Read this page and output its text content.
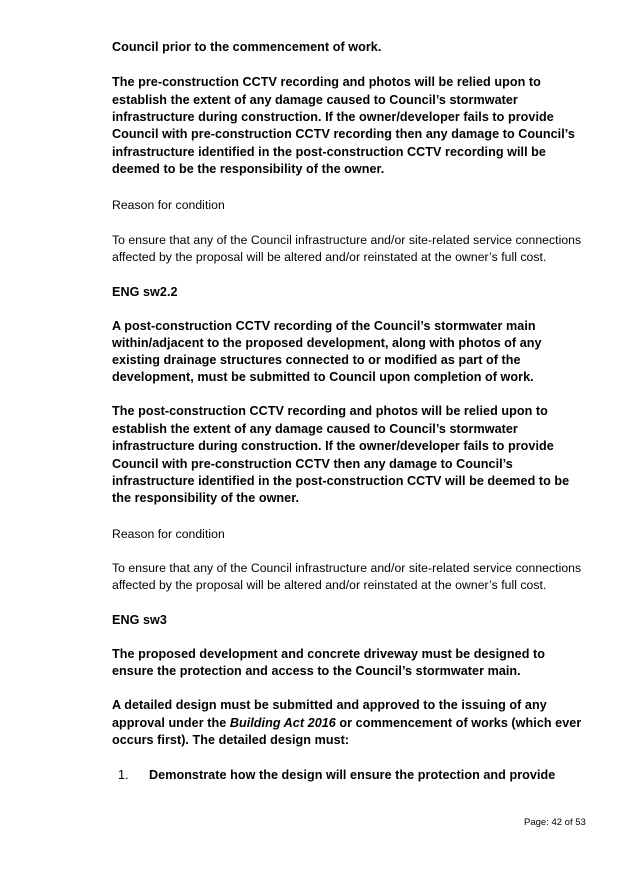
Council prior to the commencement of work.
The pre-construction CCTV recording and photos will be relied upon to
establish the extent of any damage caused to Council’s stormwater
infrastructure during construction. If the owner/developer fails to provide
Council with pre-construction CCTV recording then any damage to Council’s
infrastructure identified in the post-construction CCTV recording will be
deemed to be the responsibility of the owner.
Reason for condition
To ensure that any of the Council infrastructure and/or site-related service connections
affected by the proposal will be altered and/or reinstated at the owner’s full cost.
ENG sw2.2
A post-construction CCTV recording of the Council’s stormwater main
within/adjacent to the proposed development, along with photos of any
existing drainage structures connected to or modified as part of the
development, must be submitted to Council upon completion of work.
The post-construction CCTV recording and photos will be relied upon to
establish the extent of any damage caused to Council’s stormwater
infrastructure during construction. If the owner/developer fails to provide
Council with pre-construction CCTV then any damage to Council’s
infrastructure identified in the post-construction CCTV will be deemed to be
the responsibility of the owner.
Reason for condition
To ensure that any of the Council infrastructure and/or site-related service connections
affected by the proposal will be altered and/or reinstated at the owner’s full cost.
ENG sw3
The proposed development and concrete driveway must be designed to
ensure the protection and access to the Council’s stormwater main.
A detailed design must be submitted and approved to the issuing of any
approval under the Building Act 2016 or commencement of works (which ever
occurs first). The detailed design must:
1. Demonstrate how the design will ensure the protection and provide
Page: 42 of 53
